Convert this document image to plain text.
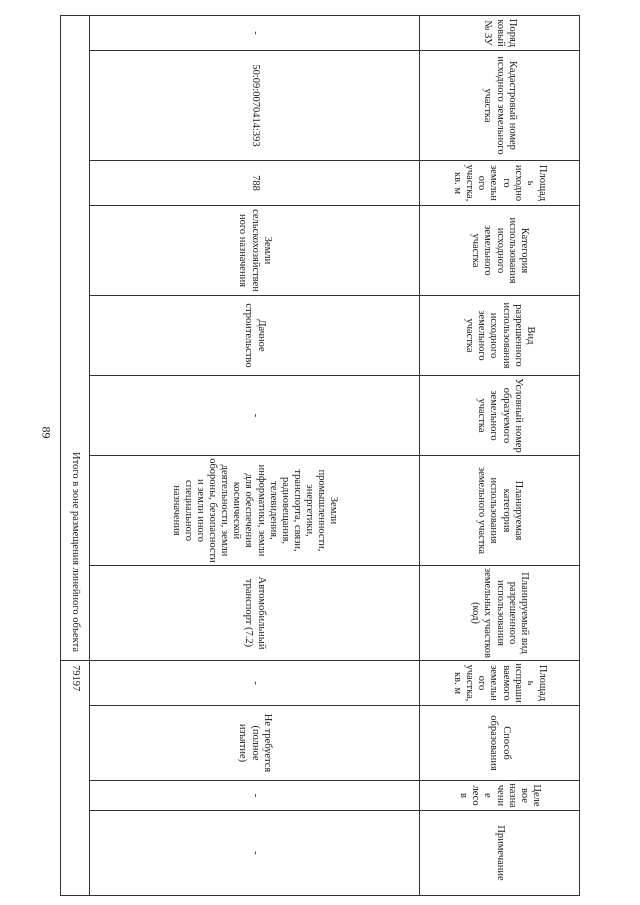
89
Порядковый № ЗУ	Кадастровый номер исходного земельного участка	Площадь исходного земельного участка, кв. м	Категория использования исходного земельного участка	Вид разрешенного использования исходного земельного участка	Условный номер образуемого земельного участка	Планируемая категория использования земельного участка	Планируемый вид разрешенного использования земельных участков (код)	Площадь испрашиваемого земельного участка, кв. м	Способ образования	Целевое назначение лесов	Примечание
-	50:09:0070414:393	788	Земли сельскохозяйственного назначения	Дачное строительство	-	Земли промышленности, энергетики, транспорта, связи, радиовещания, телевидения, информатики, земли для обеспечения космической деятельности, земли обороны, безопасности и земли иного специального назначения	Автомобильный транспорт (7.2)	-	Не требуется (полное изъятие)	-	-
Итого в зоне размещения линейного объекта								79197			
